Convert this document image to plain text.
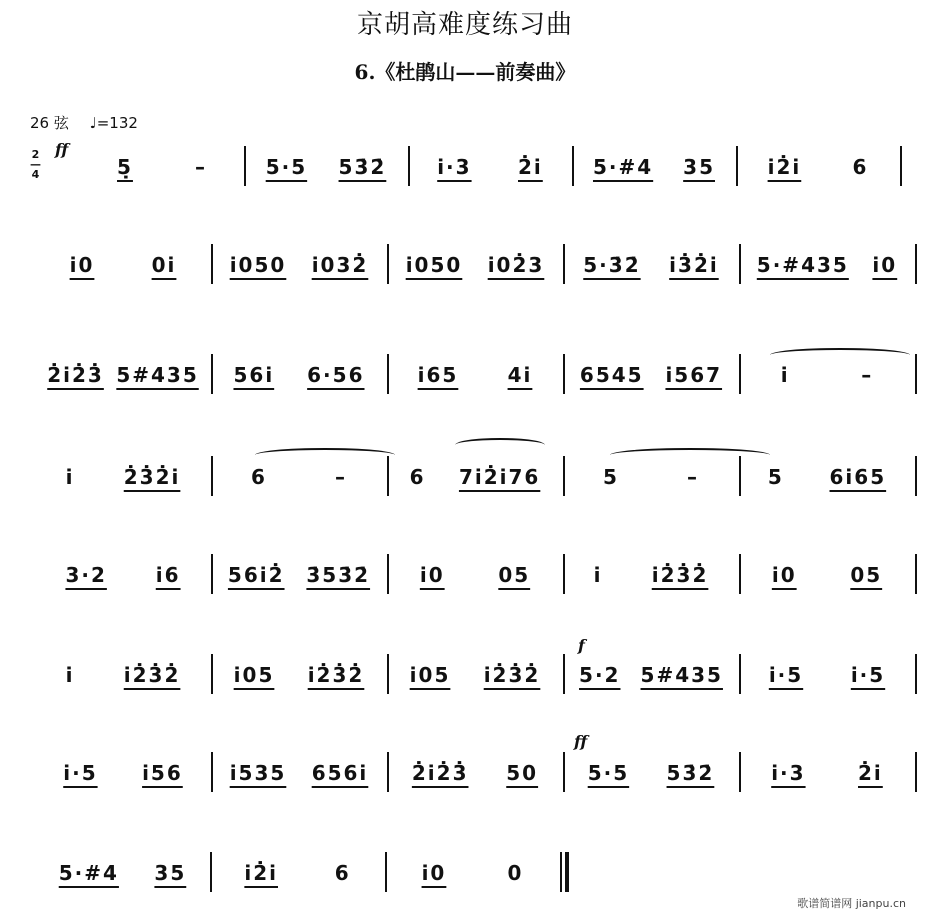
京胡高难度练习曲
6.《杜鹃山——前奏曲》
26 弦 ♩=132
2
—
4
ff
f
ff
5̣	–	5·5 53̇2̇	i·3 2̇i	5·#4 35	i2̇i	6
i0	0i	i050 i032̇ i050 i02̇3 5·3̇2̇ i3̇2̇i 5·#435 i0
2̇i2̇3̇ 5#435 56i 6·56	i65 4i 6545 i567	i	–
i 2̇3̇2̇i	6	–	6 7i2̇i76	5	–	5 6i65
3·2 i6 56i2̇ 3̇53̇2̇ i0	05	i i2̇3̇2̇	i0	05
i i2̇3̇2̇	i05 i2̇3̇2̇ i05 i2̇3̇2̇ 5·2 5#435 i·5 i·5
i·5 i56 i535 656i 2̇i2̇3̇ 50 5·5 53̇2̇	i·3	2̇i
5·#4 35	i2̇i	6	i0	0
歌谱简谱网 jianpu.cn
